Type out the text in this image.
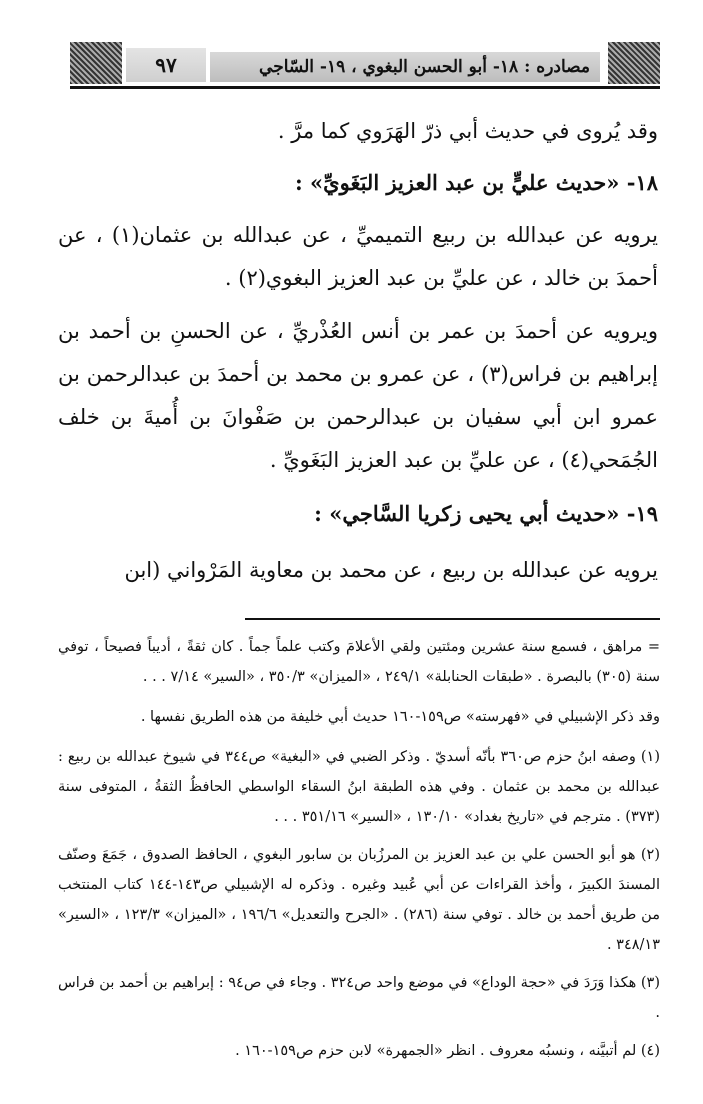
مصادره : ١٨- أبو الحسن البغوي ، ١٩- السّاجي
٩٧

وقد يُروى في حديث أبي ذرّ الهَرَوي كما مرَّ .

١٨- «حديث عليٍّ بن عبد العزيز البَغَويِّ» :

يرويه عن عبدالله بن ربيع التميميِّ ، عن عبدالله بن عثمان(١) ، عن أحمدَ بن خالد ، عن عليِّ بن عبد العزيز البغوي(٢) .

ويرويه عن أحمدَ بن عمر بن أنس العُذْريِّ ، عن الحسنِ بن أحمد بن إبراهيم بن فراس(٣) ، عن عمرو بن محمد بن أحمدَ بن عبدالرحمن بن عمرو ابن أبي سفيان بن عبدالرحمن بن صَفْوانَ بن أُميةَ بن خلف الجُمَحي(٤) ، عن عليِّ بن عبد العزيز البَغَويِّ .

١٩- «حديث أبي يحيى زكريا السَّاجي» :

يرويه عن عبدالله بن ربيع ، عن محمد بن معاوية المَرْواني (ابن

= مراهق ، فسمع سنة عشرين ومئتين ولقي الأعلامَ وكتب علماً جماً . كان ثقةً ، أديباً فصيحاً ، توفي سنة (٣٠٥) بالبصرة . «طبقات الحنابلة» ٢٤٩/١ ، «الميزان» ٣٥٠/٣ ، «السير» ٧/١٤ . . .

وقد ذكر الإشبيلي في «فهرسته» ص١٥٩-١٦٠ حديث أبي خليفة من هذه الطريق نفسها .

(١) وصفه ابنُ حزم ص٣٦٠ بأنّه أسديّ . وذكر الضبي في «البغية» ص٣٤٤ في شيوخ عبدالله بن ربيع : عبدالله بن محمد بن عثمان . وفي هذه الطبقة ابنُ السقاء الواسطي الحافظُ الثقةُ ، المتوفى سنة (٣٧٣) . مترجم في «تاريخ بغداد» ١٣٠/١٠ ، «السير» ٣٥١/١٦ . . .

(٢) هو أبو الحسن علي بن عبد العزيز بن المرزُبان بن سابور البغوي ، الحافظ الصدوق ، جَمَعَ وصنّف المسندَ الكبيرَ ، وأخذ القراءات عن أبي عُبيد وغيره . وذكره له الإشبيلي ص١٤٣-١٤٤ كتاب المنتخب من طريق أحمد بن خالد . توفي سنة (٢٨٦) . «الجرح والتعديل» ١٩٦/٦ ، «الميزان» ١٢٣/٣ ، «السير» ٣٤٨/١٣ .

(٣) هكذا وَرَدَ في «حجة الوداع» في موضع واحد ص٣٢٤ . وجاء في ص٩٤ : إبراهيم بن أحمد بن فراس .

(٤) لم أتبيَّنه ، ونسبُه معروف . انظر «الجمهرة» لابن حزم ص١٥٩-١٦٠ .
